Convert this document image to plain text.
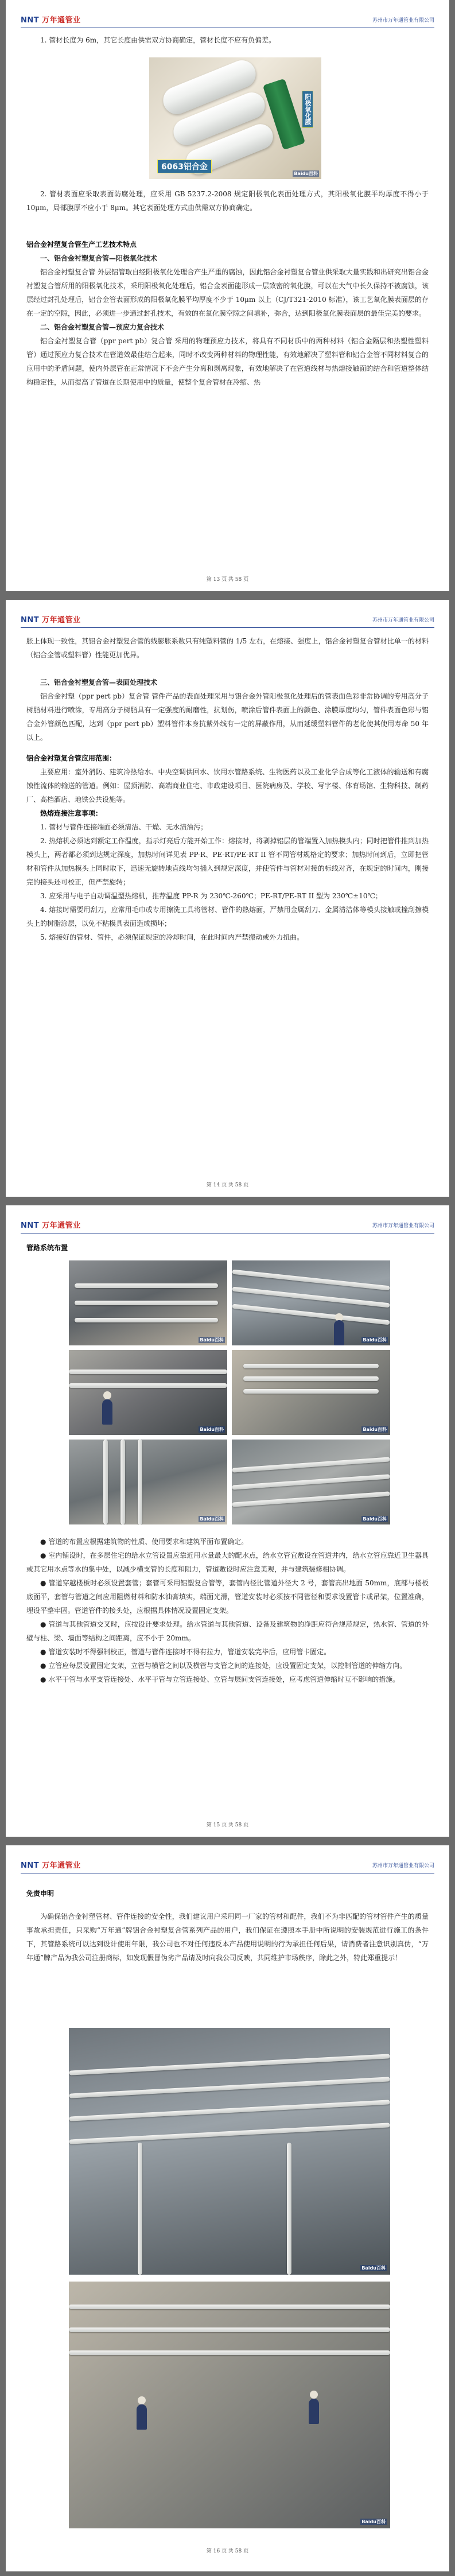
NNT 万年通管业	苏州市万年通管业有限公司

1. 管材长度为 6m，其它长度由供需双方协商确定，管材长度不应有负偏差。

6063铝合金
阳极氧化膜
Baidu百科

2. 管材表面应采取表面防腐处理，应采用 GB 5237.2-2008 规定阳极氧化表面处理方式，其阳极氧化膜平均厚度不得小于 10μm，局部膜厚不应小于 8μm。其它表面处理方式由供需双方协商确定。

铝合金衬塑复合管生产工艺技术特点

一、铝合金衬塑复合管—阳极氧化技术

铝合金衬塑复合管 外层铝管取自经阳极氧化处理合产生严重的腐蚀，因此铝合金衬塑复合管业供采取大量实践和出研究出铝合金衬塑复合管所用的阳极氧化技术，采用阳极氧化处理后，铝合金表面能形成一层致密的氧化膜，可以在大气中长久保持不被腐蚀，该层经过封孔处理后，铝合金管表面形成的阳极氧化膜平均厚度不少于 10μm 以上（CJ/T321-2010 标准），该工艺氧化膜表面层的存在一定的空隙，因此，必须进一步通过封孔技术，有效的在氧化膜空隙之间填补，弥合，达到阳极氧化膜表面层的最佳完美的要求。

二、铝合金衬塑复合管—预应力复合技术

铝合金衬塑复合管（ppr pert pb）复合管 采用的物理预应力技术，将具有不同材质中的两种材料（铝合金隔层和热塑性塑料管）通过预应力复合技术在管道效最佳结合起来，同时不改变两种材料的物理性能，有效地解决了塑料管和铝合金管不同材料复合的应用中的矛盾问题，使内外层管在正常情况下不会产生分离和剥离现象，有效地解决了在管道线材与热熔接触面的结合和管道整体结构稳定性，从而提高了管道在长期使用中的质量，使整个复合管材在冷缩、热

第 13 页 共 58 页
NNT 万年通管业	苏州市万年通管业有限公司

胀上体现一致性，其铝合金衬塑复合管的线膨胀系数只有纯塑料管的 1/5 左右，在熔接、强度上，铝合金衬塑复合管材比单一的材料（铝合金管或塑料管）性能更加优异。

三、铝合金衬塑复合管—表面处理技术

铝合金衬塑（ppr pert pb）复合管 管件产品的表面处理采用与铝合金外管阳极氧化处理后的管表面色彩非常协调的专用高分子树脂材料进行喷涂，专用高分子树脂具有一定强度的耐磨性，抗划伤，喷涂后管件表面上的颜色、涂膜厚度均匀，管件表面色彩与铝合金外管颜色匹配，达到（ppr pert pb）塑料管件本身抗紫外线有一定的屏蔽作用，从而延缓塑料管件的老化使其使用寿命 50 年以上。

铝合金衬塑复合管应用范围：

主要应用：室外消防、建筑冷热给水、中央空调供回水、饮用水管路系统、生物医药以及工业化学合成等化工液体的输送和有腐蚀性流体的输送的管道。例如：屋顶消防、高端商业住宅、市政建设项目、医院病房及、学校、写字楼、体育场馆、生物科技、制药厂、高档酒店、地铁公共设施等。

热熔连接注意事项：

1. 管材与管件连接端面必须清洁、干燥、无水渍油污；

2. 热熔机必须达到额定工作温度，指示灯亮后方能开始工作：熔接时，将剥掉铝层的管端置入加热模头内；同时把管件推到加热模头上，两者都必须到达规定深度，加热时间详见表 PP-R、PE-RT/PE-RT II 管不同管材规格定的要求；加热时间到后，立即把管材和管件从加热模头上同时取下，迅速无旋转地直线均匀插入到规定深度，并使管件与管材对接的标线对齐，在规定的时间内，刚接完的接头还可校正，但严禁旋转；

3. 应采用与电子自动调温型热熔机，推荐温度 PP-R 为 230℃-260℃；PE-RT/PE-RT II 型为 230℃±10℃；

4. 熔接时需要用刮刀，应常用毛巾或专用擦洗工具将管材、管件的热熔面，严禁用金属刮刀、金属清洁体等模头接触或撞刮擦模头上的树脂涂层，以免不粘模具表面造成损坏；

5. 熔接好的管材、管件，必须保证规定的冷却时间，在此时间内严禁搬动或外力扭曲。

第 14 页 共 58 页
NNT 万年通管业	苏州市万年通管业有限公司

管路系统布置

Baidu百科	Baidu百科
Baidu百科	Baidu百科
Baidu百科	Baidu百科

● 管道的布置应根据建筑物的性质、使用要求和建筑平面布置确定。

● 室内铺设时，在多层住宅的给水立管设置应靠近用水量最大的配水点，给水立管宜敷设在管道井内，给水立管应靠近卫生器具或其它用水点等水的集中处，以减少横支管的长度和阻力，管道敷设时应注意美观，并与建筑装修相协调。

● 管道穿越楼板时必须设置套管；套管可采用铝塑复合管等，套管内径比管道外径大 2 号，套管高出地面 50mm，底部与楼板底面平，套管与管道之间应用阻燃材料和防水油膏填实，端面光滑，管道安装时必须按不同管径和要求设置管卡或吊架，位置准确，埋设平整牢固。管道管件的接头处，应根据具体情况设置固定支架。

● 管道与其他管道交叉时，应按设计要求处理。给水管道与其他管道、设备及建筑物的净距应符合规范规定，热水管、管道的外壁与柱、梁、墙面等结构之间距离，应不小于 20mm。

● 管道安装时不得强制校正，管道与管件连接时不得有拉力，管道安装完毕后，应用管卡固定。

● 立管应每层设置固定支架，立管与横管之间以及横管与支管之间的连接处，应设置固定支架，以控制管道的伸缩方向。

● 水平干管与水平支管连接处、水平干管与立管连接处、立管与层间支管连接处，应考虑管道伸缩时互不影响的措施。

第 15 页 共 58 页
NNT 万年通管业	苏州市万年通管业有限公司

免责申明

为确保铝合金衬塑管材、管件连接的安全性，我们建议用户采用同一厂家的管材和配件，我们不为非匹配的管材管件产生的质量事故承担责任，只采购“万年通”牌铝合金衬塑复合管系列产品的用户，我们保证在遵照本手册中所说明的安装规范进行施工的条件下，其管路系统可以达到设计使用年限，我公司也不对任何违反本产品使用说明的行为承担任何后果，请消费者注意识别真伪，“万年通”牌产品为我公司注册商标，如发现假冒伪劣产品请及时向我公司反映，共同维护市场秩序，除此之外，特此郑重提示！

Baidu百科
Baidu百科
第 16 页 共 58 页
